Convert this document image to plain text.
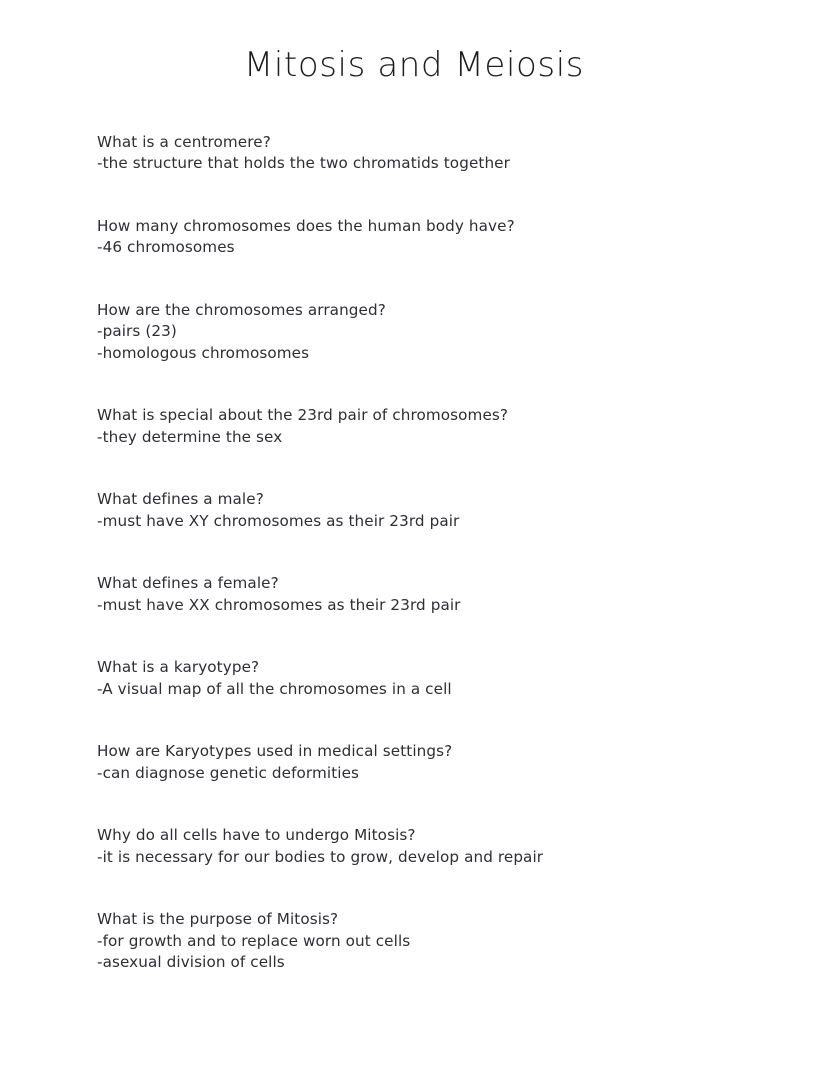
Mitosis and Meiosis

What is a centromere?

-the structure that holds the two chromatids together

How many chromosomes does the human body have?

-46 chromosomes

How are the chromosomes arranged?

-pairs (23)

-homologous chromosomes

What is special about the 23rd pair of chromosomes?

-they determine the sex

What defines a male?

-must have XY chromosomes as their 23rd pair

What defines a female?

-must have XX chromosomes as their 23rd pair

What is a karyotype?

-A visual map of all the chromosomes in a cell

How are Karyotypes used in medical settings?

-can diagnose genetic deformities

Why do all cells have to undergo Mitosis?

-it is necessary for our bodies to grow, develop and repair

What is the purpose of Mitosis?

-for growth and to replace worn out cells

-asexual division of cells
